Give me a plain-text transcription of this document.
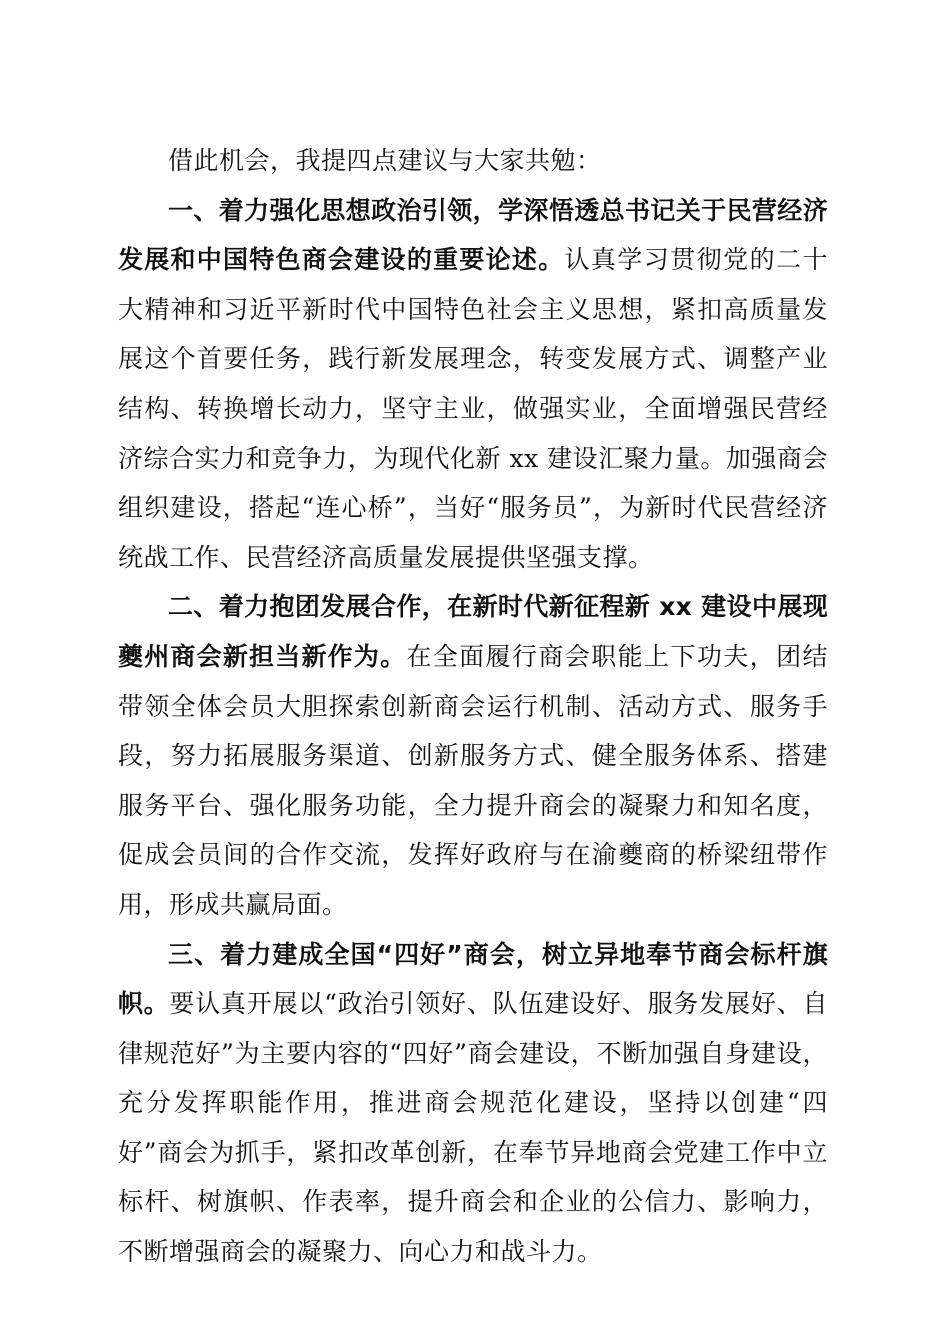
借此机会，我提四点建议与大家共勉：

一、着力强化思想政治引领，学深悟透总书记关于民营经济发展和中国特色商会建设的重要论述。认真学习贯彻党的二十大精神和习近平新时代中国特色社会主义思想，紧扣高质量发展这个首要任务，践行新发展理念，转变发展方式、调整产业结构、转换增长动力，坚守主业，做强实业，全面增强民营经济综合实力和竞争力，为现代化新 xx 建设汇聚力量。加强商会组织建设，搭起“连心桥”，当好“服务员”，为新时代民营经济统战工作、民营经济高质量发展提供坚强支撑。

二、着力抱团发展合作，在新时代新征程新 xx 建设中展现夔州商会新担当新作为。在全面履行商会职能上下功夫，团结带领全体会员大胆探索创新商会运行机制、活动方式、服务手段，努力拓展服务渠道、创新服务方式、健全服务体系、搭建服务平台、强化服务功能，全力提升商会的凝聚力和知名度，促成会员间的合作交流，发挥好政府与在渝夔商的桥梁纽带作用，形成共赢局面。

三、着力建成全国“四好”商会，树立异地奉节商会标杆旗帜。要认真开展以“政治引领好、队伍建设好、服务发展好、自律规范好”为主要内容的“四好”商会建设，不断加强自身建设，充分发挥职能作用，推进商会规范化建设，坚持以创建“四好”商会为抓手，紧扣改革创新，在奉节异地商会党建工作中立标杆、树旗帜、作表率，提升商会和企业的公信力、影响力，不断增强商会的凝聚力、向心力和战斗力。
